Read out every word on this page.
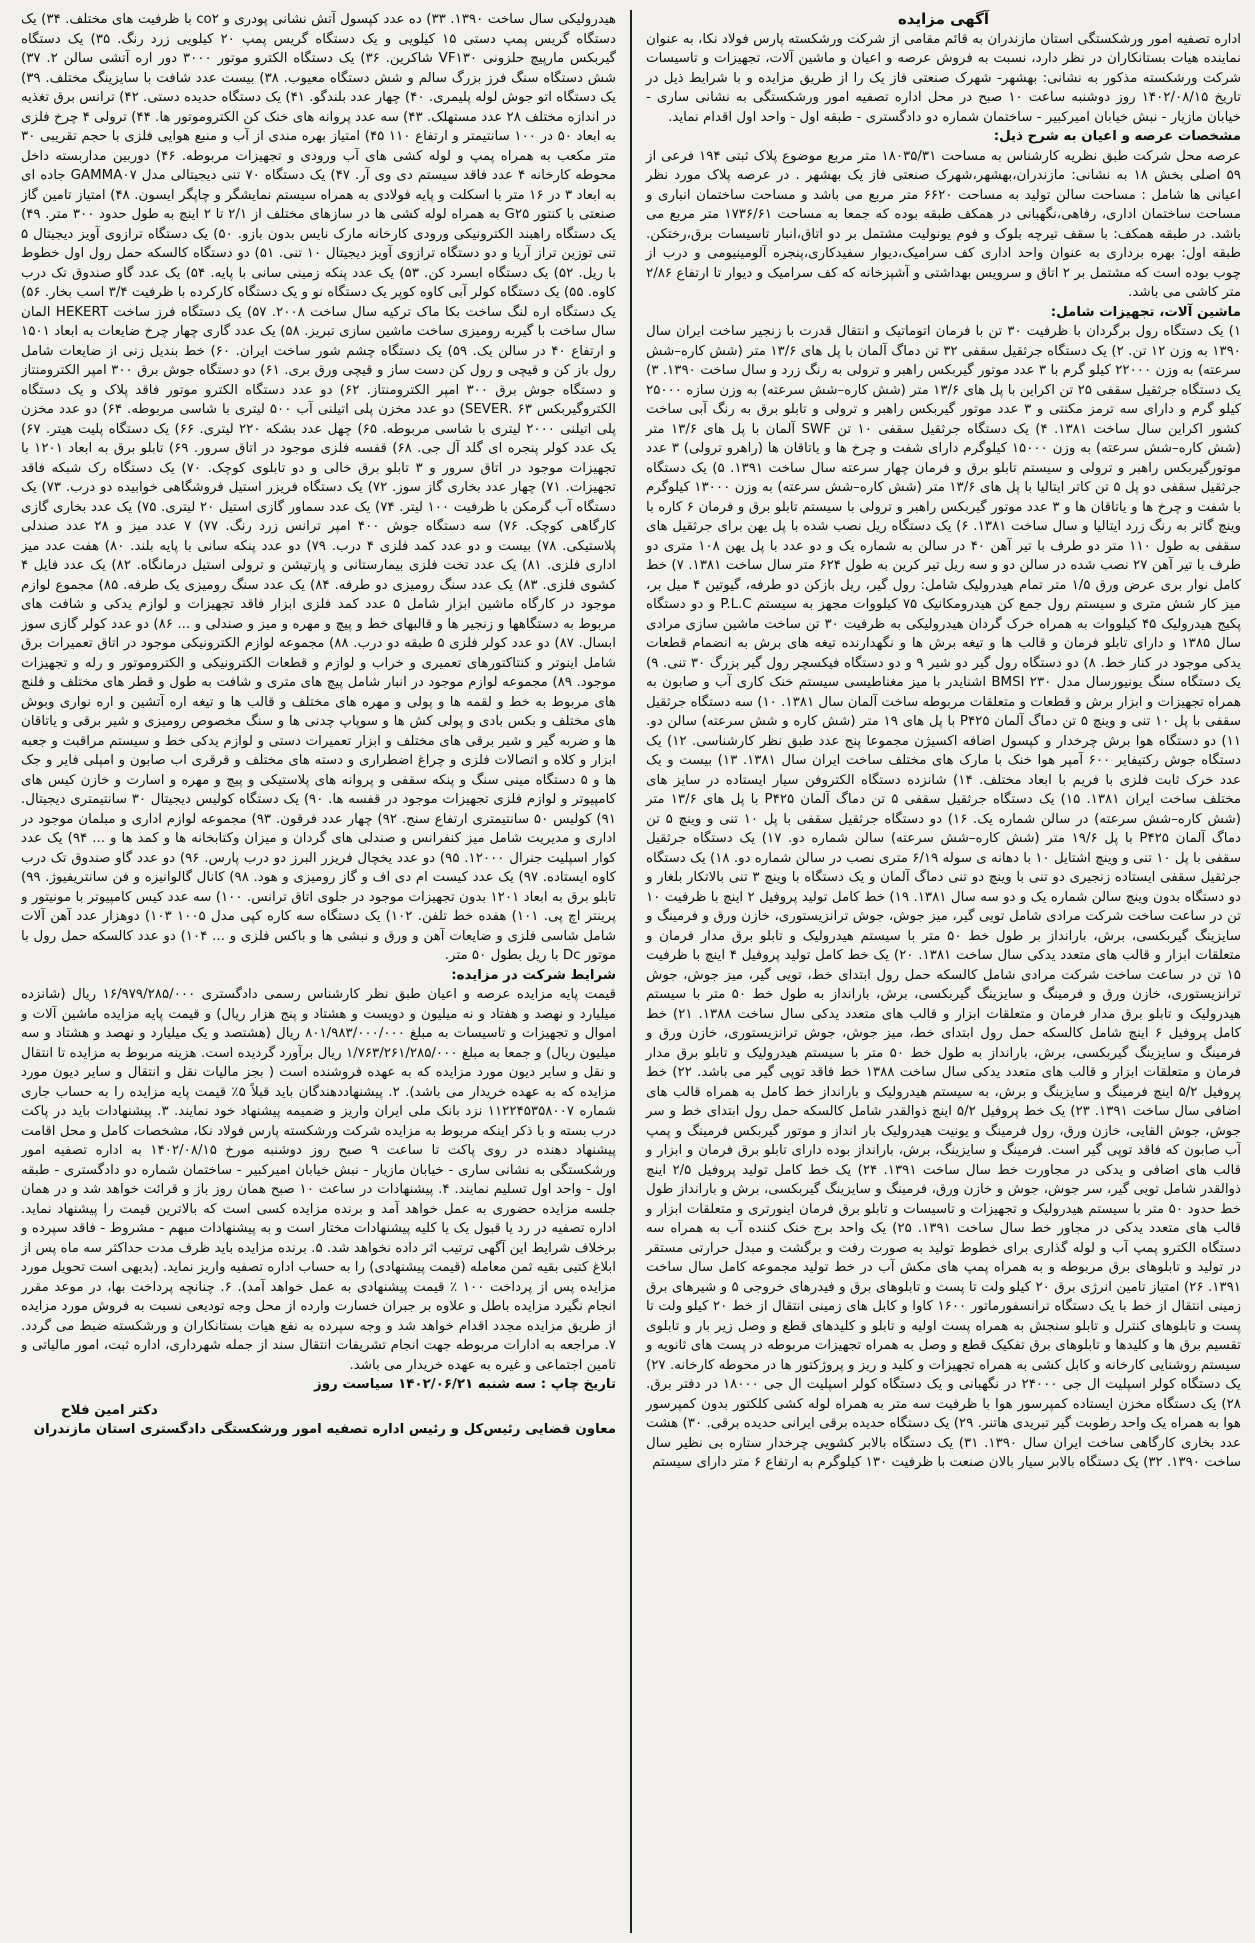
آگهی مزایده

اداره تصفیه امور ورشکستگی استان مازندران به قائم مقامی از شرکت ورشکسته پارس فولاد نکا، به عنوان نماینده هیات بستانکاران در نظر دارد، نسبت به فروش عرصه و اعیان و ماشین آلات، تجهیزات و تاسیسات شرکت ورشکسته مذکور به نشانی: بهشهر- شهرک صنعتی فاز یک را از طریق مزایده و با شرایط ذیل در تاریخ ۱۴۰۲/۰۸/۱۵ روز دوشنبه ساعت ۱۰ صبح در محل اداره تصفیه امور ورشکستگی به نشانی ساری - خیابان مازیار - نبش خیابان امیرکبیر - ساختمان شماره دو دادگستری - طبقه اول - واحد اول اقدام نماید.

مشخصات عرصه و اعیان به شرح ذیل:

عرصه محل شرکت طبق نظریه کارشناس به مساحت ۱۸۰۳۵/۳۱ متر مربع موضوع پلاک ثبتی ۱۹۴ فرعی از ۵۹ اصلی بخش ۱۸ به نشانی: مازندران،بهشهر،شهرک صنعتی فاز یک بهشهر . در عرصه پلاک مورد نظر اعیانی ها شامل : مساحت سالن تولید به مساحت ۶۶۲۰ متر مربع می باشد و مساحت ساختمان انباری و مساحت ساختمان اداری، رفاهی،نگهبانی در همکف طبقه بوده که جمعا به مساحت ۱۷۳۶/۶۱ متر مربع می باشد. در طبقه همکف: با سقف تیرچه بلوک و فوم یونولیت مشتمل بر دو اتاق،انبار تاسیسات برق،رختکن. طبقه اول: بهره برداری به عنوان واحد اداری کف سرامیک،دیوار سفیدکاری،پنجره آلومینیومی و درب از چوب بوده است که مشتمل بر ۲ اتاق و سرویس بهداشتی و آشپزخانه که کف سرامیک و دیوار تا ارتفاع ۲/۸۶ متر کاشی می باشد.

ماشین آلات، تجهیزات شامل:

۱) یک دستگاه رول برگردان با ظرفیت ۳۰ تن با فرمان اتوماتیک و انتقال قدرت با زنجیر ساخت ایران سال ۱۳۹۰ به وزن ۱۲ تن. ۲) یک دستگاه جرثقیل سقفی ۳۲ تن دماگ آلمان با پل های ۱۳/۶ متر (شش کاره–شش سرعته) به وزن ۲۲۰۰۰ کیلو گرم با ۳ عدد موتور گیربکس راهبر و ترولی به رنگ زرد و سال ساخت ۱۳۹۰. ۳) یک دستگاه جرثقیل سقفی ۲۵ تن اکراین با پل های ۱۳/۶ متر (شش کاره–شش سرعته) به وزن سازه ۲۵۰۰۰ کیلو گرم و دارای سه ترمز مکنتی و ۳ عدد موتور گیربکس راهبر و ترولی و تابلو برق به رنگ آبی ساخت کشور اکراین سال ساخت ۱۳۸۱. ۴) یک دستگاه جرثقیل سقفی ۱۰ تن SWF آلمان با پل های ۱۳/۶ متر (شش کاره–شش سرعته) به وزن ۱۵۰۰۰ کیلوگرم دارای شفت و چرخ ها و یاتاقان ها (راهرو ترولی) ۳ عدد موتورگیربکس راهبر و ترولی و سیستم تابلو برق و فرمان چهار سرعته سال ساخت ۱۳۹۱. ۵) یک دستگاه جرثقیل سقفی دو پل ۵ تن کاتر ایتالیا با پل های ۱۳/۶ متر (شش کاره–شش سرعته) به وزن ۱۳۰۰۰ کیلوگرم با شفت و چرخ ها و یاتاقان ها و ۳ عدد موتور گیربکس راهبر و ترولی با سیستم تابلو برق و فرمان ۶ کاره با وینچ گاتر به رنگ زرد ایتالیا و سال ساخت ۱۳۸۱. ۶) یک دستگاه ریل نصب شده با پل یهن برای جرثقیل های سقفی به طول ۱۱۰ متر دو طرف با تیر آهن ۴۰ در سالن به شماره یک و دو عدد با پل یهن ۱۰۸ متری دو طرف با تیر آهن ۲۷ نصب شده در سالن دو و سه ریل تیر کرین به طول ۶۲۴ متر سال ساخت ۱۳۸۱. ۷) خط کامل نوار بری عرض ورق ۱/۵ متر تمام هیدرولیک شامل: رول گیر، ریل بازکن دو طرفه، گیوتین ۴ میل بر، میز کار شش متری و سیستم رول جمع کن هیدرومکانیک ۷۵ کیلووات مجهز به سیستم P.L.C و دو دستگاه پکیج هیدرولیک ۴۵ کیلووات به همراه خرک گردان هیدرولیکی به ظرفیت ۳۰ تن ساخت ماشین سازی مرادی سال ۱۳۸۵ و دارای تابلو فرمان و قالب ها و تیغه برش ها و نگهدارنده تیغه های برش به انضمام قطعات یدکی موجود در کنار خط. ۸) دو دستگاه رول گیر دو شیر ۹ و دو دستگاه فیکسچر رول گیر بزرگ ۳۰ تنی. ۹) یک دستگاه سنگ یونیورسال مدل BMSI ۲۳۰ اشنایدر با میز مغناطیسی سیستم خنک کاری آب و صابون به همراه تجهیزات و ابزار برش و قطعات و متعلقات مربوطه ساخت آلمان سال ۱۳۸۱. ۱۰) سه دستگاه جرثقیل سقفی با پل ۱۰ تنی و وینچ ۵ تن دماگ آلمان P۴۲۵ با پل های ۱۹ متر (شش کاره و شش سرعته) سالن دو. ۱۱) دو دستگاه هوا برش چرخدار و کپسول اضافه اکسیژن مجموعا پنج عدد طبق نظر کارشناسی. ۱۲) یک دستگاه جوش رکتیفایر ۶۰۰ آمپر هوا خنک با مارک های مختلف ساخت ایران سال ۱۳۸۱. ۱۳) بیست و یک عدد خرک ثابت فلزی با فریم با ابعاد مختلف. ۱۴) شانزده دستگاه الکتروفن سیار ایستاده در سایز های مختلف ساخت ایران ۱۳۸۱. ۱۵) یک دستگاه جرثقیل سقفی ۵ تن دماگ آلمان P۴۲۵ با پل های ۱۳/۶ متر (شش کاره–شش سرعته) در سالن شماره یک. ۱۶) دو دستگاه جرثقیل سقفی با پل ۱۰ تنی و وینچ ۵ تن دماگ آلمان P۴۲۵ با پل ۱۹/۶ متر (شش کاره–شش سرعته) سالن شماره دو. ۱۷) یک دستگاه جرثقیل سقفی با پل ۱۰ تنی و وینچ اشتایل ۱۰ با دهانه ی سوله ۶/۱۹ متری نصب در سالن شماره دو. ۱۸) یک دستگاه جرثقیل سقفی ایستاده زنجیری دو تنی با وینچ دو تنی دماگ آلمان و یک دستگاه با وینچ ۳ تنی بالاتکار بلغار و دو دستگاه بدون وینچ سالن شماره یک و دو سه سال ۱۳۸۱. ۱۹) خط کامل تولید پروفیل ۲ اینچ با ظرفیت ۱۰ تن در ساعت ساخت شرکت مرادی شامل تویی گیر، میز جوش، جوش ترانزیستوری، خازن ورق و فرمینگ و سایزینگ گیربکسی، برش، بارانداز بر طول خط ۵۰ متر با سیستم هیدرولیک و تابلو برق مدار فرمان و متعلقات ابزار و قالب های متعدد یدکی سال ساخت ۱۳۸۱. ۲۰) یک خط کامل تولید پروفیل ۴ اینچ با ظرفیت ۱۵ تن در ساعت ساخت شرکت مرادی شامل کالسکه حمل رول ابتدای خط، تویی گیر، میز جوش، جوش ترانزیستوری، خازن ورق و فرمینگ و سایزینگ گیربکسی، برش، بارانداز به طول خط ۵۰ متر با سیستم هیدرولیک و تابلو برق مدار فرمان و متعلقات ابزار و قالب های متعدد یدکی سال ساخت ۱۳۸۸. ۲۱) خط کامل پروفیل ۶ اینچ شامل کالسکه حمل رول ابتدای خط، میز جوش، جوش ترانزیستوری، خازن ورق و فرمینگ و سایزینگ گیربکسی، برش، بارانداز به طول خط ۵۰ متر با سیستم هیدرولیک و تابلو برق مدار فرمان و متعلقات ابزار و قالب های متعدد یدکی سال ساخت ۱۳۸۸ خط فاقد توپی گیر می باشد. ۲۲) خط پروفیل ۵/۲ اینچ فرمینگ و سایزینگ و برش، به سیستم هیدرولیک و بارانداز خط کامل به همراه قالب های اضافی سال ساخت ۱۳۹۱. ۲۳) یک خط پروفیل ۵/۲ اینچ ذوالقدر شامل کالسکه حمل رول ابتدای خط و سر جوش، جوش القایی، خازن ورق، رول فرمینگ و یونیت هیدرولیک بار انداز و موتور گیربکس فرمینگ و پمپ آب صابون که فاقد توپی گیر است. فرمینگ و سایزینگ، برش، بارانداز بوده دارای تابلو برق فرمان و ابزار و قالب های اضافی و یدکی در مجاورت خط سال ساخت ۱۳۹۱. ۲۴) یک خط کامل تولید پروفیل ۲/۵ اینچ ذوالقدر شامل تویی گیر، سر جوش، جوش و خازن ورق، فرمینگ و سایزینگ گیربکسی، برش و بارانداز طول خط حدود ۵۰ متر با سیستم هیدرولیک و تجهیزات و تاسیسات و تابلو برق فرمان اینورتری و متعلقات ابزار و قالب های متعدد یدکی در مجاور خط سال ساخت ۱۳۹۱. ۲۵) یک واحد برج خنک کننده آب به همراه سه دستگاه الکترو پمپ آب و لوله گذاری برای خطوط تولید به صورت رفت و برگشت و مبدل حرارتی مستقر در تولید و تابلوهای برق مربوطه و به همراه پمپ های مکش آب در خط تولید مجموعه کامل سال ساخت ۱۳۹۱. ۲۶) امتیاز تامین انرژی برق ۲۰ کیلو ولت تا پست و تابلوهای برق و فیدرهای خروجی ۵ و شیرهای برق زمینی انتقال از خط با یک دستگاه ترانسفورماتور ۱۶۰۰ کاوا و کابل های زمینی انتقال از خط ۲۰ کیلو ولت تا پست و تابلوهای کنترل و تابلو سنجش به همراه پست اولیه و تابلو و کلیدهای قطع و وصل زیر بار و تابلوی تقسیم برق ها و کلیدها و تابلوهای برق تفکیک قطع و وصل به همراه تجهیزات مربوطه در پست های ثانویه و سیستم روشنایی کارخانه و کابل کشی به همراه تجهیزات و کلید و ریز و پروژکتور ها در محوطه کارخانه. ۲۷) یک دستگاه کولر اسپلیت ال جی ۲۴۰۰۰ در نگهبانی و یک دستگاه کولر اسپلیت ال جی ۱۸۰۰۰ در دفتر برق. ۲۸) یک دستگاه مخزن ایستاده کمپرسور هوا با ظرفیت سه متر به همراه لوله کشی کلکتور بدون کمپرسور هوا به همراه یک واحد رطوبت گیر تبریدی هاتنر. ۲۹) یک دستگاه حدیده برقی ایرانی حدیده برقی. ۳۰) هشت عدد بخاری کارگاهی ساخت ایران سال ۱۳۹۰. ۳۱) یک دستگاه بالابر کشویی چرخدار ستاره بی نظیر سال ساخت ۱۳۹۰. ۳۲) یک دستگاه بالابر سیار بالان صنعت با ظرفیت ۱۳۰ کیلوگرم به ارتفاع ۶ متر دارای سیستم

هیدرولیکی سال ساخت ۱۳۹۰. ۳۳) ده عدد کپسول آتش نشانی پودری و co۲ با ظرفیت های مختلف. ۳۴) یک دستگاه گریس پمپ دستی ۱۵ کیلویی و یک دستگاه گریس پمپ ۲۰ کیلویی زرد رنگ. ۳۵) یک دستگاه گیربکس مارپیچ حلزونی VF۱۳۰ شاکرین. ۳۶) یک دستگاه الکترو موتور ۳۰۰۰ دور اره آتشی سالن ۲. ۳۷) شش دستگاه سنگ فرز بزرگ سالم و شش دستگاه معیوب. ۳۸) بیست عدد شافت با سایزینگ مختلف. ۳۹) یک دستگاه اتو جوش لوله پلیمری. ۴۰) چهار عدد بلندگو. ۴۱) یک دستگاه حدیده دستی. ۴۲) ترانس برق تغذیه در اندازه مختلف ۲۸ عدد مستهلک. ۴۳) سه عدد پروانه های خنک کن الکتروموتور ها. ۴۴) ترولی ۴ چرخ فلزی به ابعاد ۵۰ در ۱۰۰ سانتیمتر و ارتفاع ۱۱۰ ۴۵) امتیاز بهره مندی از آب و منبع هوایی فلزی با حجم تقریبی ۳۰ متر مکعب به همراه پمپ و لوله کشی های آب ورودی و تجهیزات مربوطه. ۴۶) دوربین مداربسته داخل محوطه کارخانه ۴ عدد فاقد سیستم دی وی آر. ۴۷) یک دستگاه ۷۰ تنی دیجیتالی مدل GAMMA۰۷ جاده ای به ابعاد ۳ در ۱۶ متر با اسکلت و پایه فولادی به همراه سیستم نمایشگر و چاپگر ایسون. ۴۸) امتیاز تامین گاز صنعتی با کنتور G۲۵ به همراه لوله کشی ها در سازهای مختلف از ۲/۱ تا ۲ اینچ به طول حدود ۳۰۰ متر. ۴۹) یک دستگاه راهبند الکترونیکی ورودی کارخانه مارک نایس بدون بازو. ۵۰) یک دستگاه ترازوی آویز دیجیتال ۵ تنی توزین تراز آریا و دو دستگاه ترازوی آویز دیجیتال ۱۰ تنی. ۵۱) دو دستگاه کالسکه حمل رول اول خطوط با ریل. ۵۲) یک دستگاه ابسرد کن. ۵۳) یک عدد پنکه زمینی سانی با پایه. ۵۴) یک عدد گاو صندوق تک درب کاوه. ۵۵) یک دستگاه کولر آبی کاوه کوپر یک دستگاه نو و یک دستگاه کارکرده با ظرفیت ۳/۴ اسب بخار. ۵۶) یک دستگاه اره لنگ ساخت بکا ماک ترکیه سال ساخت ۲۰۰۸. ۵۷) یک دستگاه فرز ساخت HEKERT المان سال ساخت با گیربه رومیزی ساخت ماشین سازی تبریز. ۵۸) یک عدد گاری چهار چرخ ضایعات به ابعاد ۱۵۰۱ و ارتفاع ۴۰ در سالن یک. ۵۹) یک دستگاه چشم شور ساخت ایران. ۶۰) خط بندیل زنی از ضایعات شامل رول باز کن و قیچی و رول کن دست ساز و قیچی ورق بری. ۶۱) دو دستگاه جوش برق ۳۰۰ امپر الکترومنتاز و دستگاه جوش برق ۳۰۰ امپر الکترومنتاز. ۶۲) دو عدد دستگاه الکترو موتور فاقد پلاک و یک دستگاه الکتروگیربکس SEVER. ۶۳) دو عدد مخزن پلی اتیلنی آب ۵۰۰ لیتری با شاسی مربوطه. ۶۴) دو عدد مخزن پلی اتیلنی ۲۰۰۰ لیتری با شاسی مربوطه. ۶۵) چهل عدد بشکه ۲۲۰ لیتری. ۶۶) یک دستگاه پلیت هیتر. ۶۷) یک عدد کولر پنجره ای گلد آل جی. ۶۸) قفسه فلزی موجود در اتاق سرور. ۶۹) تابلو برق به ابعاد ۱۲۰۱ با تجهیزات موجود در اتاق سرور و ۳ تابلو برق خالی و دو تابلوی کوچک. ۷۰) یک دستگاه رک شبکه فاقد تجهیزات. ۷۱) چهار عدد بخاری گاز سوز. ۷۲) یک دستگاه فریزر استیل فروشگاهی خوابیده دو درب. ۷۳) یک دستگاه آب گرمکن با ظرفیت ۱۰۰ لیتر. ۷۴) یک عدد سماور گازی استیل ۲۰ لیتری. ۷۵) یک عدد بخاری گازی کارگاهی کوچک. ۷۶) سه دستگاه جوش ۴۰۰ امپر ترانس زرد رنگ. ۷۷) ۷ عدد میز و ۲۸ عدد صندلی پلاستیکی. ۷۸) بیست و دو عدد کمد فلزی ۴ درب. ۷۹) دو عدد پنکه سانی با پایه بلند. ۸۰) هفت عدد میز اداری فلزی. ۸۱) یک عدد تخت فلزی بیمارستانی و پارتیشن و ترولی استیل درمانگاه. ۸۲) یک عدد فایل ۴ کشوی فلزی. ۸۳) یک عدد سنگ رومیزی دو طرفه. ۸۴) یک عدد سنگ رومیزی یک طرفه. ۸۵) مجموع لوازم موجود در کارگاه ماشین ابزار شامل ۵ عدد کمد فلزی ابزار فاقد تجهیزات و لوازم یدکی و شافت های مربوط به دستگاهها و زنجیر ها و قالبهای خط و پیچ و مهره و میز و صندلی و ... ۸۶) دو عدد کولر گازی سوز ابسال. ۸۷) دو عدد کولر فلزی ۵ طبقه دو درب. ۸۸) مجموعه لوازم الکترونیکی موجود در اتاق تعمیرات برق شامل اینوتر و کنتاکتورهای تعمیری و خراب و لوازم و قطعات الکترونیکی و الکتروموتور و رله و تجهیزات موجود. ۸۹) مجموعه لوازم موجود در انبار شامل پیچ های متری و شافت به طول و قطر های مختلف و فلنچ های مربوط به خط و لقمه ها و پولی و مهره های مختلف و قالب ها و تیغه اره آتشین و اره نواری وبوش های مختلف و بکس بادی و پولی کش ها و سوپاپ چدنی ها و سنگ مخصوص رومیزی و شیر برقی و یاتاقان ها و ضربه گیر و شیر برقی های مختلف و ابزار تعمیرات دستی و لوازم یدکی خط و سیستم مراقبت و جعبه ابزار و کلاه و اتصالات فلزی و چراغ اضطراری و دسته های مختلف و قرقری اب صابون و امپلی فایر و جک ها و ۵ دستگاه مینی سنگ و پنکه سقفی و پروانه های پلاستیکی و پیچ و مهره و اسارت و خازن کیس های کامپیوتر و لوازم فلزی تجهیزات موجود در قفسه ها. ۹۰) یک دستگاه کولیس دیجیتال ۳۰ سانتیمتری دیجیتال. ۹۱) کولیس ۵۰ سانتیمتری ارتفاع سنج. ۹۲) چهار عدد فرقون. ۹۳) مجموعه لوازم اداری و مبلمان موجود در اداری و مدیریت شامل میز کنفرانس و صندلی های گردان و میزان وکتابخانه ها و کمد ها و ... ۹۴) یک عدد کوار اسپلیت جنرال ۱۲۰۰۰. ۹۵) دو عدد یخچال فریزر البرز دو درب پارس. ۹۶) دو عدد گاو صندوق تک درب کاوه ایستاده. ۹۷) یک عدد کیست ام دی اف و گاز رومیزی و هود. ۹۸) کانال گالوانیزه و فن سانتریفیوژ. ۹۹) تابلو برق به ابعاد ۱۲۰۱ بدون تجهیزات موجود در جلوی اتاق ترانس. ۱۰۰) سه عدد کیس کامپیوتر با مونیتور و پرینتر اچ پی. ۱۰۱) هفده خط تلفن. ۱۰۲) یک دستگاه سه کاره کپی مدل ۱۰۰۵ ۱۰۳) دوهزار عدد آهن آلات شامل شاسی فلزی و ضایعات آهن و ورق و نبشی ها و باکس فلزی و ... ۱۰۴) دو عدد کالسکه حمل رول با موتور Dc با ریل بطول ۵۰ متر.

شرایط شرکت در مزایده:

قیمت پایه مزایده عرصه و اعیان طبق نظر کارشناس رسمی دادگستری ۱۶/۹۷۹/۲۸۵/۰۰۰ ریال (شانزده میلیارد و نهصد و هفتاد و نه میلیون و دویست و هشتاد و پنج هزار ریال) و قیمت پایه مزایده ماشین آلات و اموال و تجهیزات و تاسیسات به مبلغ ۸۰۱/۹۸۳/۰۰۰/۰۰۰ ریال (هشتصد و یک میلیارد و نهصد و هشتاد و سه میلیون ریال) و جمعا به مبلغ ۱/۷۶۳/۲۶۱/۲۸۵/۰۰۰ ریال برآورد گردیده است. هزینه مربوط به مزایده تا انتقال و نقل و سایر دیون مورد مزایده که به عهده فروشنده است ( بجز مالیات نقل و انتقال و سایر دیون مورد مزایده که به عهده خریدار می باشد). ۲. پیشنهاددهندگان باید قبلاً ۵٪ قیمت پایه مزایده را به حساب جاری شماره ۱۱۲۲۴۵۳۵۸۰۰۷ نزد بانک ملی ایران واریز و ضمیمه پیشنهاد خود نمایند. ۳. پیشنهادات باید در پاکت درب بسته و با ذکر اینکه مربوط به مزایده شرکت ورشکسته پارس فولاد نکا، مشخصات کامل و محل اقامت پیشنهاد دهنده در روی پاکت تا ساعت ۹ صبح روز دوشنبه مورخ ۱۴۰۲/۰۸/۱۵ به اداره تصفیه امور ورشکستگی به نشانی ساری - خیابان مازیار - نبش خیابان امیرکبیر - ساختمان شماره دو دادگستری - طبقه اول - واحد اول تسلیم نمایند. ۴. پیشنهادات در ساعت ۱۰ صبح همان روز باز و قرائت خواهد شد و در همان جلسه مزایده حضوری به عمل خواهد آمد و برنده مزایده کسی است که بالاترین قیمت را پیشنهاد نماید. اداره تصفیه در رد یا قبول یک یا کلیه پیشنهادات مختار است و به پیشنهادات مبهم - مشروط - فاقد سپرده و برخلاف شرایط این آگهی ترتیب اثر داده نخواهد شد. ۵. برنده مزایده باید ظرف مدت حداکثر سه ماه پس از ابلاغ کتبی بقیه ثمن معامله (قیمت پیشنهادی) را به حساب اداره تصفیه واریز نماید. (بدیهی است تحویل مورد مزایده پس از پرداخت ۱۰۰ ٪ قیمت پیشنهادی به عمل خواهد آمد). ۶. چنانچه پرداخت بها، در موعد مقرر انجام نگیرد مزایده باطل و علاوه بر جبران خسارت وارده از محل وجه تودیعی نسبت به فروش مورد مزایده از طریق مزایده مجدد اقدام خواهد شد و وجه سپرده به نفع هیات بستانکاران و ورشکسته ضبط می گردد. ۷. مراجعه به ادارات مربوطه جهت انجام تشریفات انتقال سند از جمله شهرداری، اداره ثبت، امور مالیاتی و تامین اجتماعی و غیره به عهده خریدار می باشد.

تاریخ چاپ : سه شنبه ۱۴۰۲/۰۶/۲۱ سیاست روز

دکتر امین فلاح
معاون قضایی رئیس‌کل و رئیس اداره تصفیه امور ورشکستگی دادگستری استان مازندران
